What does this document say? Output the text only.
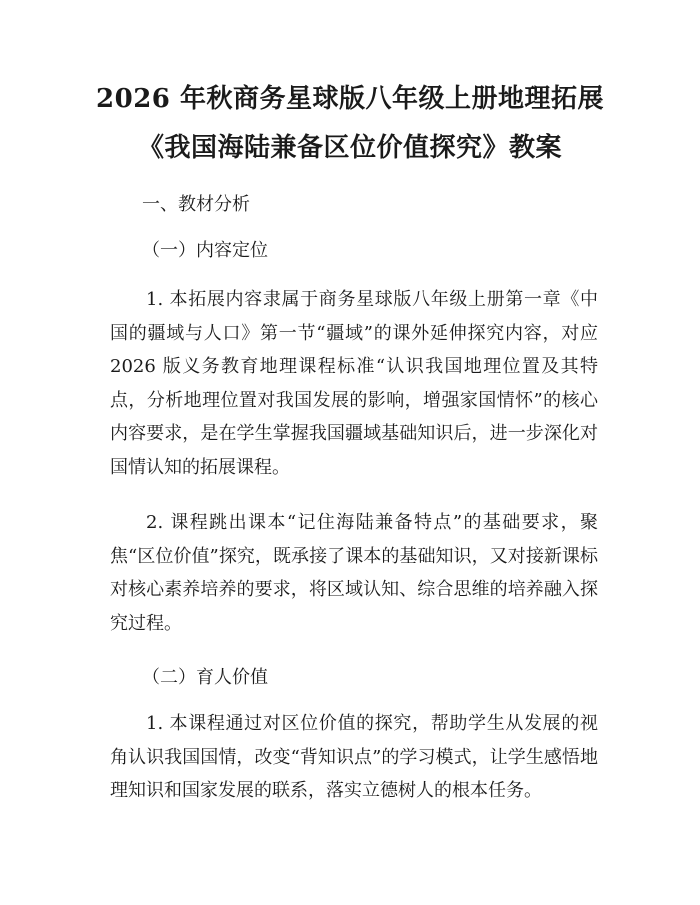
2026 年秋商务星球版八年级上册地理拓展
《我国海陆兼备区位价值探究》教案
一、教材分析
（一）内容定位
1. 本拓展内容隶属于商务星球版八年级上册第一章《中国的疆域与人口》第一节“疆域”的课外延伸探究内容，对应 2026 版义务教育地理课程标准“认识我国地理位置及其特点，分析地理位置对我国发展的影响，增强家国情怀”的核心内容要求，是在学生掌握我国疆域基础知识后，进一步深化对国情认知的拓展课程。
2. 课程跳出课本“记住海陆兼备特点”的基础要求，聚焦“区位价值”探究，既承接了课本的基础知识，又对接新课标对核心素养培养的要求，将区域认知、综合思维的培养融入探究过程。
（二）育人价值
1. 本课程通过对区位价值的探究，帮助学生从发展的视角认识我国国情，改变“背知识点”的学习模式，让学生感悟地理知识和国家发展的联系，落实立德树人的根本任务。
